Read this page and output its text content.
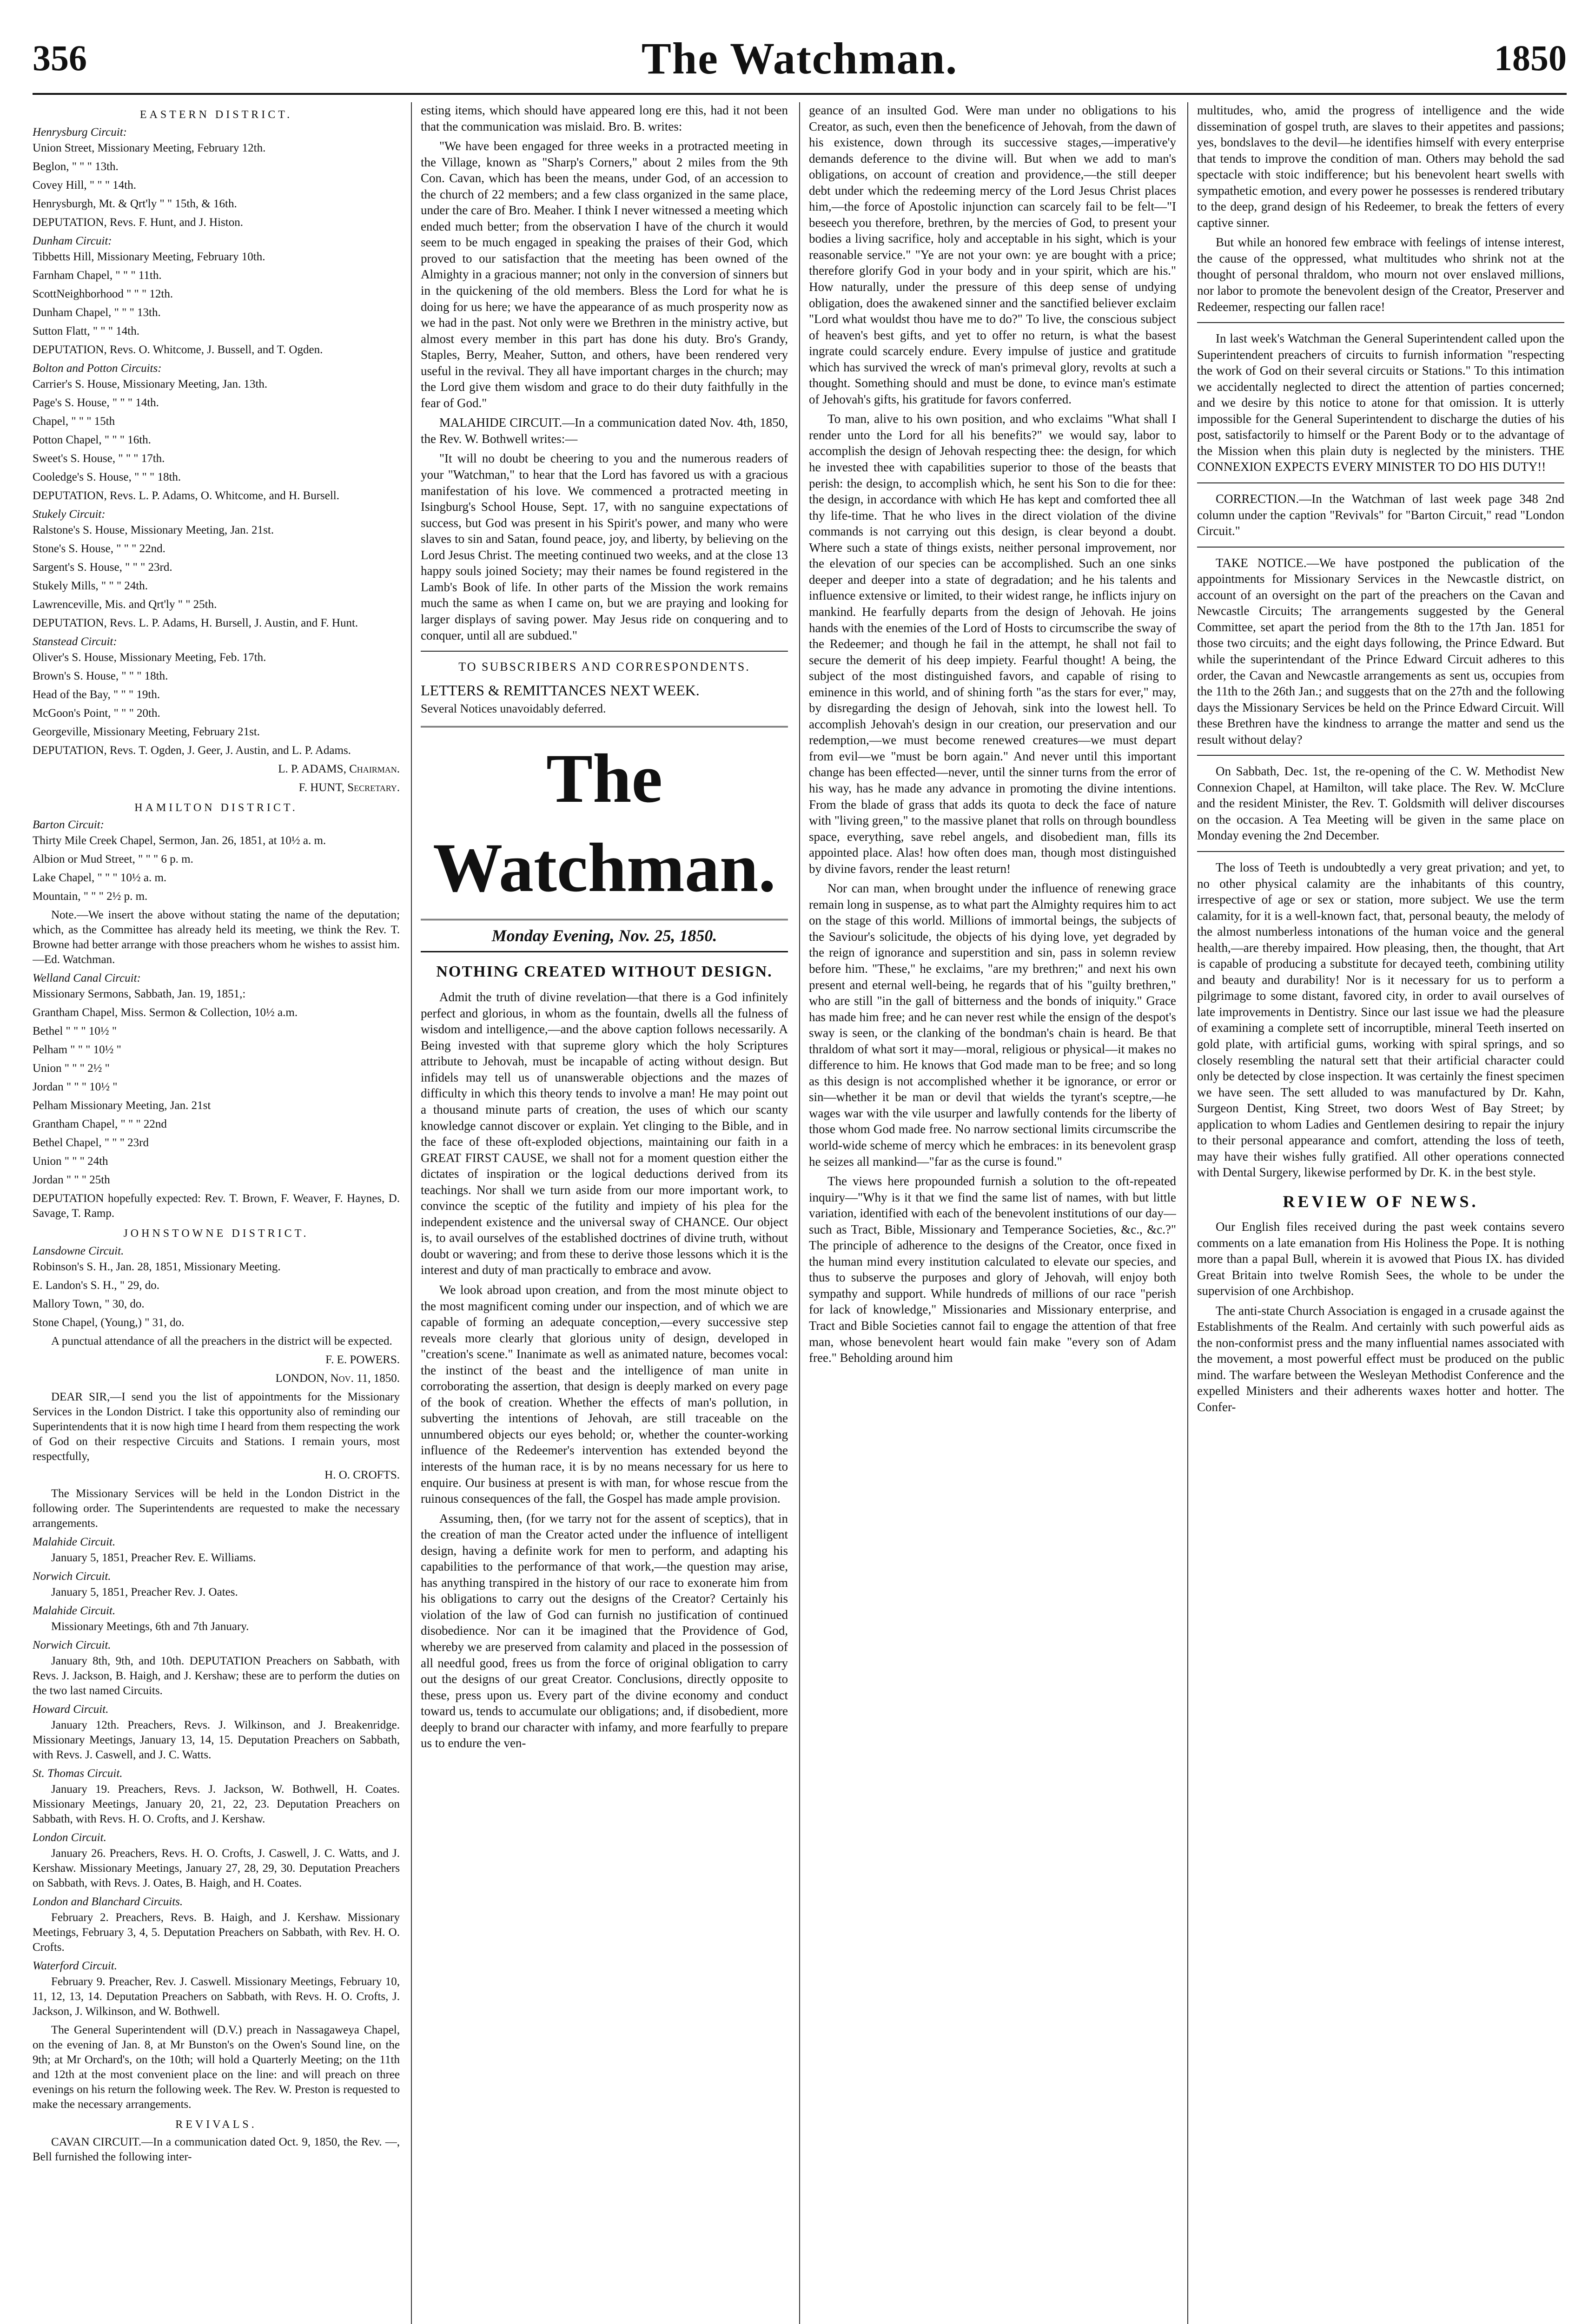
356	The Watchman.	1850
EASTERN DISTRICT.

Henrysburg Circuit:

Union Street, Missionary Meeting, February 12th.

Beglon, " " " 13th.

Covey Hill, " " " 14th.

Henrysburgh, Mt. & Qrt'ly " " 15th, & 16th.

DEPUTATION, Revs. F. Hunt, and J. Histon.

Dunham Circuit:

Tibbetts Hill, Missionary Meeting, February 10th.

Farnham Chapel, " " " 11th.

ScottNeighborhood " " " 12th.

Dunham Chapel, " " " 13th.

Sutton Flatt, " " " 14th.

DEPUTATION, Revs. O. Whitcome, J. Bussell, and T. Ogden.

Bolton and Potton Circuits:

Carrier's S. House, Missionary Meeting, Jan. 13th.

Page's S. House, " " " 14th.

Chapel, " " " 15th

Potton Chapel, " " " 16th.

Sweet's S. House, " " " 17th.

Cooledge's S. House, " " " 18th.

DEPUTATION, Revs. L. P. Adams, O. Whitcome, and H. Bursell.

Stukely Circuit:

Ralstone's S. House, Missionary Meeting, Jan. 21st.

Stone's S. House, " " " 22nd.

Sargent's S. House, " " " 23rd.

Stukely Mills, " " " 24th.

Lawrenceville, Mis. and Qrt'ly " " 25th.

DEPUTATION, Revs. L. P. Adams, H. Bursell, J. Austin, and F. Hunt.

Stanstead Circuit:

Oliver's S. House, Missionary Meeting, Feb. 17th.

Brown's S. House, " " " 18th.

Head of the Bay, " " " 19th.

McGoon's Point, " " " 20th.

Georgeville, Missionary Meeting, February 21st.

DEPUTATION, Revs. T. Ogden, J. Geer, J. Austin, and L. P. Adams.

L. P. ADAMS, Chairman.

F. HUNT, Secretary.

HAMILTON DISTRICT.

Barton Circuit:

Thirty Mile Creek Chapel, Sermon, Jan. 26, 1851, at 10½ a. m.

Albion or Mud Street, " " " 6 p. m.

Lake Chapel, " " " 10½ a. m.

Mountain, " " " 2½ p. m.

Note.—We insert the above without stating the name of the deputation; which, as the Committee has already held its meeting, we think the Rev. T. Browne had better arrange with those preachers whom he wishes to assist him.—Ed. Watchman.

Welland Canal Circuit:

Missionary Sermons, Sabbath, Jan. 19, 1851,:

Grantham Chapel, Miss. Sermon & Collection, 10½ a.m.

Bethel " " " 10½ "

Pelham " " " 10½ "

Union " " " 2½ "

Jordan " " " 10½ "

Pelham Missionary Meeting, Jan. 21st

Grantham Chapel, " " " 22nd

Bethel Chapel, " " " 23rd

Union " " " 24th

Jordan " " " 25th

DEPUTATION hopefully expected: Rev. T. Brown, F. Weaver, F. Haynes, D. Savage, T. Ramp.

JOHNSTOWNE DISTRICT.

Lansdowne Circuit.

Robinson's S. H., Jan. 28, 1851, Missionary Meeting.

E. Landon's S. H., " 29, do.

Mallory Town, " 30, do.

Stone Chapel, (Young,) " 31, do.

A punctual attendance of all the preachers in the district will be expected.

F. E. POWERS.

LONDON, Nov. 11, 1850.

DEAR SIR,—I send you the list of appointments for the Missionary Services in the London District. I take this opportunity also of reminding our Superintendents that it is now high time I heard from them respecting the work of God on their respective Circuits and Stations. I remain yours, most respectfully,

H. O. CROFTS.

The Missionary Services will be held in the London District in the following order. The Superintendents are requested to make the necessary arrangements.

Malahide Circuit.

January 5, 1851, Preacher Rev. E. Williams.

Norwich Circuit.

January 5, 1851, Preacher Rev. J. Oates.

Malahide Circuit.

Missionary Meetings, 6th and 7th January.

Norwich Circuit.

January 8th, 9th, and 10th. DEPUTATION Preachers on Sabbath, with Revs. J. Jackson, B. Haigh, and J. Kershaw; these are to perform the duties on the two last named Circuits.

Howard Circuit.

January 12th. Preachers, Revs. J. Wilkinson, and J. Breakenridge. Missionary Meetings, January 13, 14, 15. Deputation Preachers on Sabbath, with Revs. J. Caswell, and J. C. Watts.

St. Thomas Circuit.

January 19. Preachers, Revs. J. Jackson, W. Bothwell, H. Coates. Missionary Meetings, January 20, 21, 22, 23. Deputation Preachers on Sabbath, with Revs. H. O. Crofts, and J. Kershaw.

London Circuit.

January 26. Preachers, Revs. H. O. Crofts, J. Caswell, J. C. Watts, and J. Kershaw. Missionary Meetings, January 27, 28, 29, 30. Deputation Preachers on Sabbath, with Revs. J. Oates, B. Haigh, and H. Coates.

London and Blanchard Circuits.

February 2. Preachers, Revs. B. Haigh, and J. Kershaw. Missionary Meetings, February 3, 4, 5. Deputation Preachers on Sabbath, with Rev. H. O. Crofts.

Waterford Circuit.

February 9. Preacher, Rev. J. Caswell. Missionary Meetings, February 10, 11, 12, 13, 14. Deputation Preachers on Sabbath, with Revs. H. O. Crofts, J. Jackson, J. Wilkinson, and W. Bothwell.

The General Superintendent will (D.V.) preach in Nassagaweya Chapel, on the evening of Jan. 8, at Mr Bunston's on the Owen's Sound line, on the 9th; at Mr Orchard's, on the 10th; will hold a Quarterly Meeting; on the 11th and 12th at the most convenient place on the line: and will preach on three evenings on his return the following week. The Rev. W. Preston is requested to make the necessary arrangements.

REVIVALS.

CAVAN CIRCUIT.—In a communication dated Oct. 9, 1850, the Rev. —, Bell furnished the following inter-

esting items, which should have appeared long ere this, had it not been that the communication was mislaid. Bro. B. writes:

"We have been engaged for three weeks in a protracted meeting in the Village, known as "Sharp's Corners," about 2 miles from the 9th Con. Cavan, which has been the means, under God, of an accession to the church of 22 members; and a few class organized in the same place, under the care of Bro. Meaher. I think I never witnessed a meeting which ended much better; from the observation I have of the church it would seem to be much engaged in speaking the praises of their God, which proved to our satisfaction that the meeting has been owned of the Almighty in a gracious manner; not only in the conversion of sinners but in the quickening of the old members. Bless the Lord for what he is doing for us here; we have the appearance of as much prosperity now as we had in the past. Not only were we Brethren in the ministry active, but almost every member in this part has done his duty. Bro's Grandy, Staples, Berry, Meaher, Sutton, and others, have been rendered very useful in the revival. They all have important charges in the church; may the Lord give them wisdom and grace to do their duty faithfully in the fear of God."

MALAHIDE CIRCUIT.—In a communication dated Nov. 4th, 1850, the Rev. W. Bothwell writes:—

"It will no doubt be cheering to you and the numerous readers of your "Watchman," to hear that the Lord has favored us with a gracious manifestation of his love. We commenced a protracted meeting in Isingburg's School House, Sept. 17, with no sanguine expectations of success, but God was present in his Spirit's power, and many who were slaves to sin and Satan, found peace, joy, and liberty, by believing on the Lord Jesus Christ. The meeting continued two weeks, and at the close 13 happy souls joined Society; may their names be found registered in the Lamb's Book of life. In other parts of the Mission the work remains much the same as when I came on, but we are praying and looking for larger displays of saving power. May Jesus ride on conquering and to conquer, until all are subdued."

TO SUBSCRIBERS AND CORRESPONDENTS.
LETTERS & REMITTANCES NEXT WEEK.
Several Notices unavoidably deferred.
The Watchman.
Monday Evening, Nov. 25, 1850.
NOTHING CREATED WITHOUT DESIGN.

Admit the truth of divine revelation—that there is a God infinitely perfect and glorious, in whom as the fountain, dwells all the fulness of wisdom and intelligence,—and the above caption follows necessarily. A Being invested with that supreme glory which the holy Scriptures attribute to Jehovah, must be incapable of acting without design. But infidels may tell us of unanswerable objections and the mazes of difficulty in which this theory tends to involve a man! He may point out a thousand minute parts of creation, the uses of which our scanty knowledge cannot discover or explain. Yet clinging to the Bible, and in the face of these oft-exploded objections, maintaining our faith in a GREAT FIRST CAUSE, we shall not for a moment question either the dictates of inspiration or the logical deductions derived from its teachings. Nor shall we turn aside from our more important work, to convince the sceptic of the futility and impiety of his plea for the independent existence and the universal sway of CHANCE. Our object is, to avail ourselves of the established doctrines of divine truth, without doubt or wavering; and from these to derive those lessons which it is the interest and duty of man practically to embrace and avow.

We look abroad upon creation, and from the most minute object to the most magnificent coming under our inspection, and of which we are capable of forming an adequate conception,—every successive step reveals more clearly that glorious unity of design, developed in "creation's scene." Inanimate as well as animated nature, becomes vocal: the instinct of the beast and the intelligence of man unite in corroborating the assertion, that design is deeply marked on every page of the book of creation. Whether the effects of man's pollution, in subverting the intentions of Jehovah, are still traceable on the unnumbered objects our eyes behold; or, whether the counter-working influence of the Redeemer's intervention has extended beyond the interests of the human race, it is by no means necessary for us here to enquire. Our business at present is with man, for whose rescue from the ruinous consequences of the fall, the Gospel has made ample provision.

Assuming, then, (for we tarry not for the assent of sceptics), that in the creation of man the Creator acted under the influence of intelligent design, having a definite work for men to perform, and adapting his capabilities to the performance of that work,—the question may arise, has anything transpired in the history of our race to exonerate him from his obligations to carry out the designs of the Creator? Certainly his violation of the law of God can furnish no justification of continued disobedience. Nor can it be imagined that the Providence of God, whereby we are preserved from calamity and placed in the possession of all needful good, frees us from the force of original obligation to carry out the designs of our great Creator. Conclusions, directly opposite to these, press upon us. Every part of the divine economy and conduct toward us, tends to accumulate our obligations; and, if disobedient, more deeply to brand our character with infamy, and more fearfully to prepare us to endure the ven-

geance of an insulted God. Were man under no obligations to his Creator, as such, even then the beneficence of Jehovah, from the dawn of his existence, down through its successive stages,—imperative'y demands deference to the divine will. But when we add to man's obligations, on account of creation and providence,—the still deeper debt under which the redeeming mercy of the Lord Jesus Christ places him,—the force of Apostolic injunction can scarcely fail to be felt—"I beseech you therefore, brethren, by the mercies of God, to present your bodies a living sacrifice, holy and acceptable in his sight, which is your reasonable service." "Ye are not your own: ye are bought with a price; therefore glorify God in your body and in your spirit, which are his." How naturally, under the pressure of this deep sense of undying obligation, does the awakened sinner and the sanctified believer exclaim "Lord what wouldst thou have me to do?" To live, the conscious subject of heaven's best gifts, and yet to offer no return, is what the basest ingrate could scarcely endure. Every impulse of justice and gratitude which has survived the wreck of man's primeval glory, revolts at such a thought. Something should and must be done, to evince man's estimate of Jehovah's gifts, his gratitude for favors conferred.

To man, alive to his own position, and who exclaims "What shall I render unto the Lord for all his benefits?" we would say, labor to accomplish the design of Jehovah respecting thee: the design, for which he invested thee with capabilities superior to those of the beasts that perish: the design, to accomplish which, he sent his Son to die for thee: the design, in accordance with which He has kept and comforted thee all thy life-time. That he who lives in the direct violation of the divine commands is not carrying out this design, is clear beyond a doubt. Where such a state of things exists, neither personal improvement, nor the elevation of our species can be accomplished. Such an one sinks deeper and deeper into a state of degradation; and he his talents and influence extensive or limited, to their widest range, he inflicts injury on mankind. He fearfully departs from the design of Jehovah. He joins hands with the enemies of the Lord of Hosts to circumscribe the sway of the Redeemer; and though he fail in the attempt, he shall not fail to secure the demerit of his deep impiety. Fearful thought! A being, the subject of the most distinguished favors, and capable of rising to eminence in this world, and of shining forth "as the stars for ever," may, by disregarding the design of Jehovah, sink into the lowest hell. To accomplish Jehovah's design in our creation, our preservation and our redemption,—we must become renewed creatures—we must depart from evil—we "must be born again." And never until this important change has been effected—never, until the sinner turns from the error of his way, has he made any advance in promoting the divine intentions. From the blade of grass that adds its quota to deck the face of nature with "living green," to the massive planet that rolls on through boundless space, everything, save rebel angels, and disobedient man, fills its appointed place. Alas! how often does man, though most distinguished by divine favors, render the least return!

Nor can man, when brought under the influence of renewing grace remain long in suspense, as to what part the Almighty requires him to act on the stage of this world. Millions of immortal beings, the subjects of the Saviour's solicitude, the objects of his dying love, yet degraded by the reign of ignorance and superstition and sin, pass in solemn review before him. "These," he exclaims, "are my brethren;" and next his own present and eternal well-being, he regards that of his "guilty brethren," who are still "in the gall of bitterness and the bonds of iniquity." Grace has made him free; and he can never rest while the ensign of the despot's sway is seen, or the clanking of the bondman's chain is heard. Be that thraldom of what sort it may—moral, religious or physical—it makes no difference to him. He knows that God made man to be free; and so long as this design is not accomplished whether it be ignorance, or error or sin—whether it be man or devil that wields the tyrant's sceptre,—he wages war with the vile usurper and lawfully contends for the liberty of those whom God made free. No narrow sectional limits circumscribe the world-wide scheme of mercy which he embraces: in its benevolent grasp he seizes all mankind—"far as the curse is found."

The views here propounded furnish a solution to the oft-repeated inquiry—"Why is it that we find the same list of names, with but little variation, identified with each of the benevolent institutions of our day—such as Tract, Bible, Missionary and Temperance Societies, &c., &c.?" The principle of adherence to the designs of the Creator, once fixed in the human mind every institution calculated to elevate our species, and thus to subserve the purposes and glory of Jehovah, will enjoy both sympathy and support. While hundreds of millions of our race "perish for lack of knowledge," Missionaries and Missionary enterprise, and Tract and Bible Societies cannot fail to engage the attention of that free man, whose benevolent heart would fain make "every son of Adam free." Beholding around him

multitudes, who, amid the progress of intelligence and the wide dissemination of gospel truth, are slaves to their appetites and passions; yes, bondslaves to the devil—he identifies himself with every enterprise that tends to improve the condition of man. Others may behold the sad spectacle with stoic indifference; but his benevolent heart swells with sympathetic emotion, and every power he possesses is rendered tributary to the deep, grand design of his Redeemer, to break the fetters of every captive sinner.

But while an honored few embrace with feelings of intense interest, the cause of the oppressed, what multitudes who shrink not at the thought of personal thraldom, who mourn not over enslaved millions, nor labor to promote the benevolent design of the Creator, Preserver and Redeemer, respecting our fallen race!

In last week's Watchman the General Superintendent called upon the Superintendent preachers of circuits to furnish information "respecting the work of God on their several circuits or Stations." To this intimation we accidentally neglected to direct the attention of parties concerned; and we desire by this notice to atone for that omission. It is utterly impossible for the General Superintendent to discharge the duties of his post, satisfactorily to himself or the Parent Body or to the advantage of the Mission when this plain duty is neglected by the ministers. THE CONNEXION EXPECTS EVERY MINISTER TO DO HIS DUTY!!

CORRECTION.—In the Watchman of last week page 348 2nd column under the caption "Revivals" for "Barton Circuit," read "London Circuit."

TAKE NOTICE.—We have postponed the publication of the appointments for Missionary Services in the Newcastle district, on account of an oversight on the part of the preachers on the Cavan and Newcastle Circuits; The arrangements suggested by the General Committee, set apart the period from the 8th to the 17th Jan. 1851 for those two circuits; and the eight days following, the Prince Edward. But while the superintendant of the Prince Edward Circuit adheres to this order, the Cavan and Newcastle arrangements as sent us, occupies from the 11th to the 26th Jan.; and suggests that on the 27th and the following days the Missionary Services be held on the Prince Edward Circuit. Will these Brethren have the kindness to arrange the matter and send us the result without delay?

On Sabbath, Dec. 1st, the re-opening of the C. W. Methodist New Connexion Chapel, at Hamilton, will take place. The Rev. W. McClure and the resident Minister, the Rev. T. Goldsmith will deliver discourses on the occasion. A Tea Meeting will be given in the same place on Monday evening the 2nd December.

The loss of Teeth is undoubtedly a very great privation; and yet, to no other physical calamity are the inhabitants of this country, irrespective of age or sex or station, more subject. We use the term calamity, for it is a well-known fact, that, personal beauty, the melody of the almost numberless intonations of the human voice and the general health,—are thereby impaired. How pleasing, then, the thought, that Art is capable of producing a substitute for decayed teeth, combining utility and beauty and durability! Nor is it necessary for us to perform a pilgrimage to some distant, favored city, in order to avail ourselves of late improvements in Dentistry. Since our last issue we had the pleasure of examining a complete sett of incorruptible, mineral Teeth inserted on gold plate, with artificial gums, working with spiral springs, and so closely resembling the natural sett that their artificial character could only be detected by close inspection. It was certainly the finest specimen we have seen. The sett alluded to was manufactured by Dr. Kahn, Surgeon Dentist, King Street, two doors West of Bay Street; by application to whom Ladies and Gentlemen desiring to repair the injury to their personal appearance and comfort, attending the loss of teeth, may have their wishes fully gratified. All other operations connected with Dental Surgery, likewise performed by Dr. K. in the best style.

REVIEW OF NEWS.

Our English files received during the past week contains severo comments on a late emanation from His Holiness the Pope. It is nothing more than a papal Bull, wherein it is avowed that Pious IX. has divided Great Britain into twelve Romish Sees, the whole to be under the supervision of one Archbishop.

The anti-state Church Association is engaged in a crusade against the Establishments of the Realm. And certainly with such powerful aids as the non-conformist press and the many influential names associated with the movement, a most powerful effect must be produced on the public mind. The warfare between the Wesleyan Methodist Conference and the expelled Ministers and their adherents waxes hotter and hotter. The Confer-
